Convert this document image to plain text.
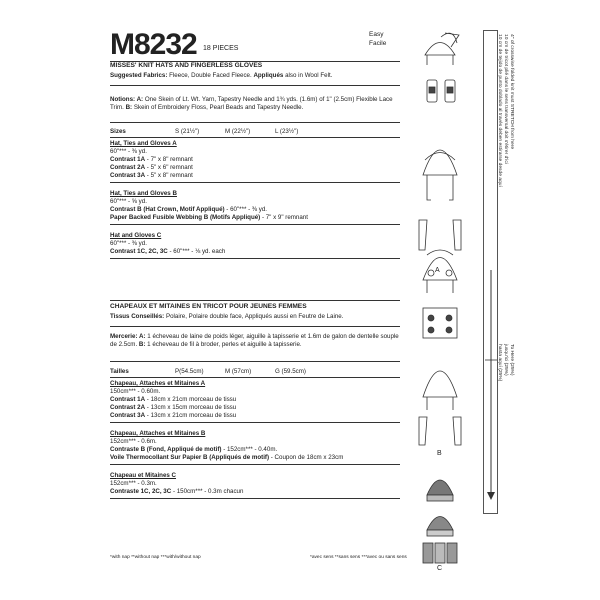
M8232 18 PIECES
Easy
Facile
MISSES' KNIT HATS AND FINGERLESS GLOVES
Suggested Fabrics: Fleece, Double Faced Fleece. Appliqués also in Wool Felt.
Notions: A: One Skein of Lt. Wt. Yarn, Tapestry Needle and 1¾ yds. (1.6m) of 1" (2.5cm) Flexible Lace Trim. B: Skein of Embroidery Floss, Pearl Beads and Tapestry Needle.
Sizes	S (21½")	M (22½")	L (23½")
Hat, Ties and Gloves A
60"*** - ⅜ yd.
Contrast 1A - 7" x 8" remnant
Contrast 2A - 5" x 6" remnant
Contrast 3A - 5" x 8" remnant
Hat, Ties and Gloves B
60"*** - ⅝ yd.
Contrast B (Hat Crown, Motif Appliqué) - 60"*** - ⅜ yd.
Paper Backed Fusible Webbing B (Motifs Appliqué) - 7" x 9" remnant
Hat and Gloves C
60"*** - ⅜ yd.
Contrast 1C, 2C, 3C - 60"*** - ⅛ yd. each
CHAPEAUX ET MITAINES EN TRICOT POUR JEUNES FEMMES
Tissus Conseillés: Polaire, Polaire double face, Appliqués aussi en Feutre de Laine.
Mercerie: A: 1 écheveau de laine de poids léger, aiguille à tapisserie et 1.6m de galon de dentelle souple de 2.5cm. B: 1 écheveau de fil à broder, perles et aiguille à tapisserie.
Tailles	P(54.5cm)	M (57cm)	G (59.5cm)
Chapeau, Attaches et Mitaines A
150cm*** - 0.60m.
Contrast 1A - 18cm x 21cm morceau de tissu
Contrast 2A - 13cm x 15cm morceau de tissu
Contrast 3A - 13cm x 21cm morceau de tissu
Chapeau, Attaches et Mitaines B
152cm*** - 0.6m.
Contraste B (Fond, Appliqué de motif) - 152cm*** - 0.40m.
Voile Thermocollant Sur Papier B (Appliqués de motif) - Coupon de 18cm x 23cm
Chapeau et Mitaines C
152cm*** - 0.3m.
Contraste 1C, 2C, 3C - 150cm*** - 0.3m chacun
*with nap **without nap ***with/without nap	*avec sens **sans sens ***avec ou sans sens
A
B
C
4" of crosswise folded knit must STRETCH from here
10 cm de tricot plié dans le sens transversal doit s'étirer d'ici
10 cm de tejido de punto doblado al través deben estirarse desde aquí
To Here (25%)
jusqu'ici (25%)
hasta aquí (25%)
